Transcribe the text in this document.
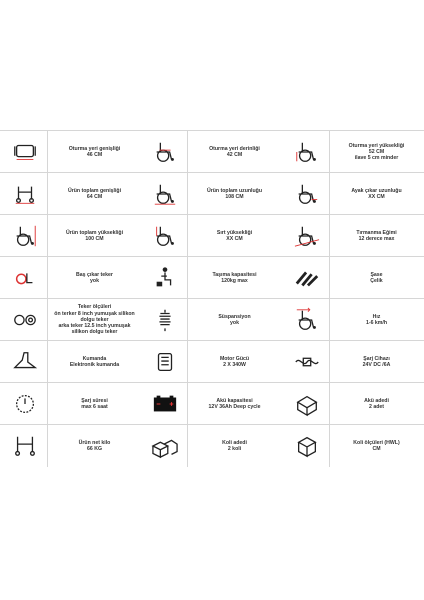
Oturma yeri genişliği
46 CM
Oturma yeri derinliği
42 CM
Oturma yeri yüksekliği
52 CM
ilave 5 cm minder
Ürün toplam genişliği
64 CM
Ürün toplam uzunluğu
108 CM
Ayak çıkar uzunluğu
XX CM
Ürün toplam yüksekliği
100 CM
Sırt yüksekliği
XX CM
Tırmanma Eğimi
12 derece max
Baş çıkar teker
yok
Taşıma kapasitesi
120kg max
Şase
Çelik
Teker ölçüleri
ön terker 8 inch yumuşak silikon
dolgu teker
arka teker 12.5 inch yumuşak
silikon dolgu teker
Süspansiyon
yok
Hız
1-6 km/h
Kumanda
Elektronik kumanda
Motor Gücü
2 X 340W
Şarj Cihazı
24V DC /6A
Şarj süresi
max 6 saat
Akü kapasitesi
12V 36Ah Deep cycle
Akü adedi
2 adet
Ürün net kilo
66 KG
Koli adedi
2 koli
Koli ölçüleri (HWL)
CM
